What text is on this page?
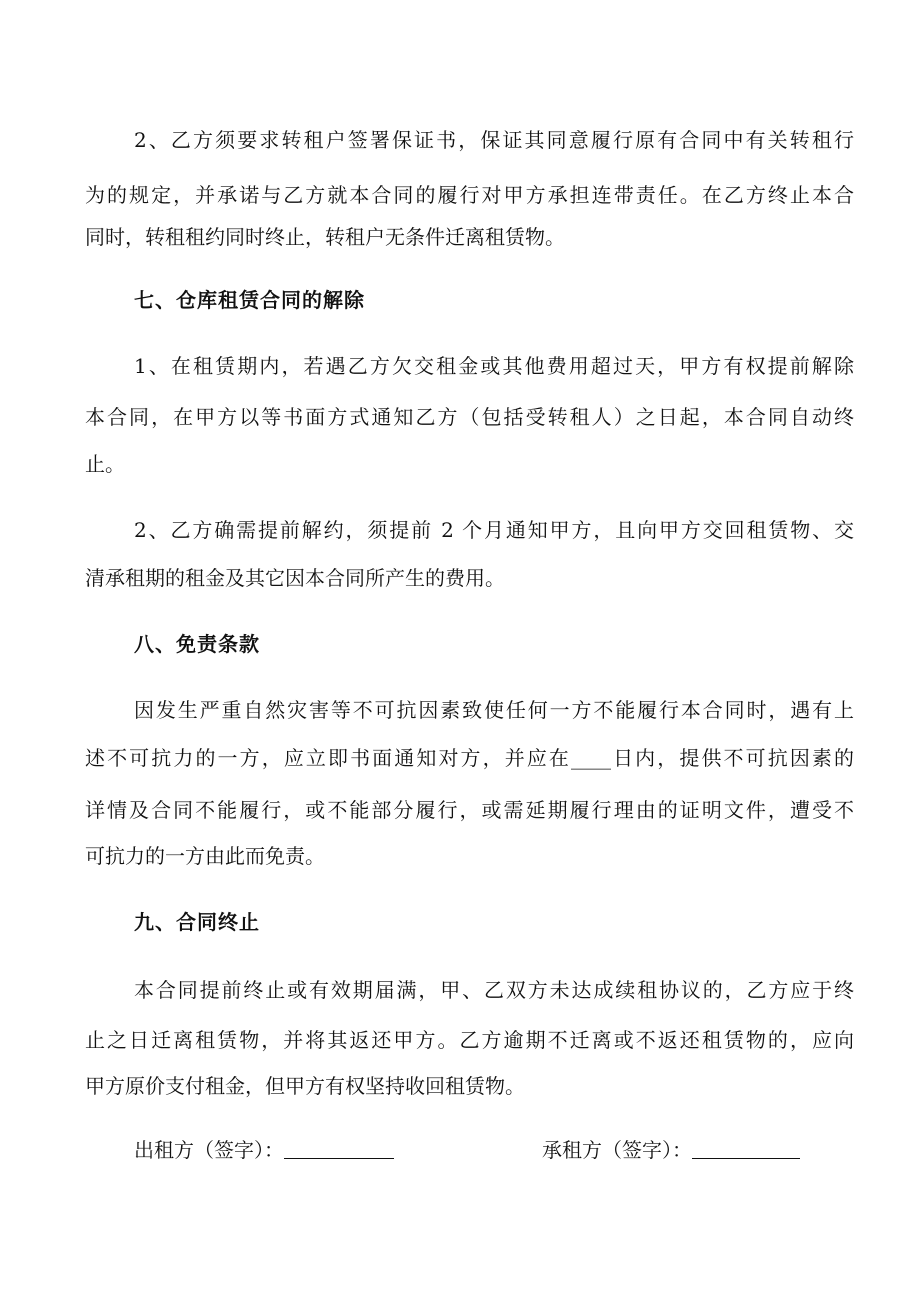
2、乙方须要求转租户签署保证书，保证其同意履行原有合同中有关转租行
为的规定，并承诺与乙方就本合同的履行对甲方承担连带责任。在乙方终止本合
同时，转租租约同时终止，转租户无条件迁离租赁物。
七、仓库租赁合同的解除
1、在租赁期内，若遇乙方欠交租金或其他费用超过天，甲方有权提前解除
本合同，在甲方以等书面方式通知乙方（包括受转租人）之日起，本合同自动终
止。
2、乙方确需提前解约，须提前 2 个月通知甲方，且向甲方交回租赁物、交
清承租期的租金及其它因本合同所产生的费用。
八、免责条款
因发生严重自然灾害等不可抗因素致使任何一方不能履行本合同时，遇有上
述不可抗力的一方，应立即书面通知对方，并应在____日内，提供不可抗因素的
详情及合同不能履行，或不能部分履行，或需延期履行理由的证明文件，遭受不
可抗力的一方由此而免责。
九、合同终止
本合同提前终止或有效期届满，甲、乙双方未达成续租协议的，乙方应于终
止之日迁离租赁物，并将其返还甲方。乙方逾期不迁离或不返还租赁物的，应向
甲方原价支付租金，但甲方有权坚持收回租赁物。
出租方（签字）：	承租方（签字）：
